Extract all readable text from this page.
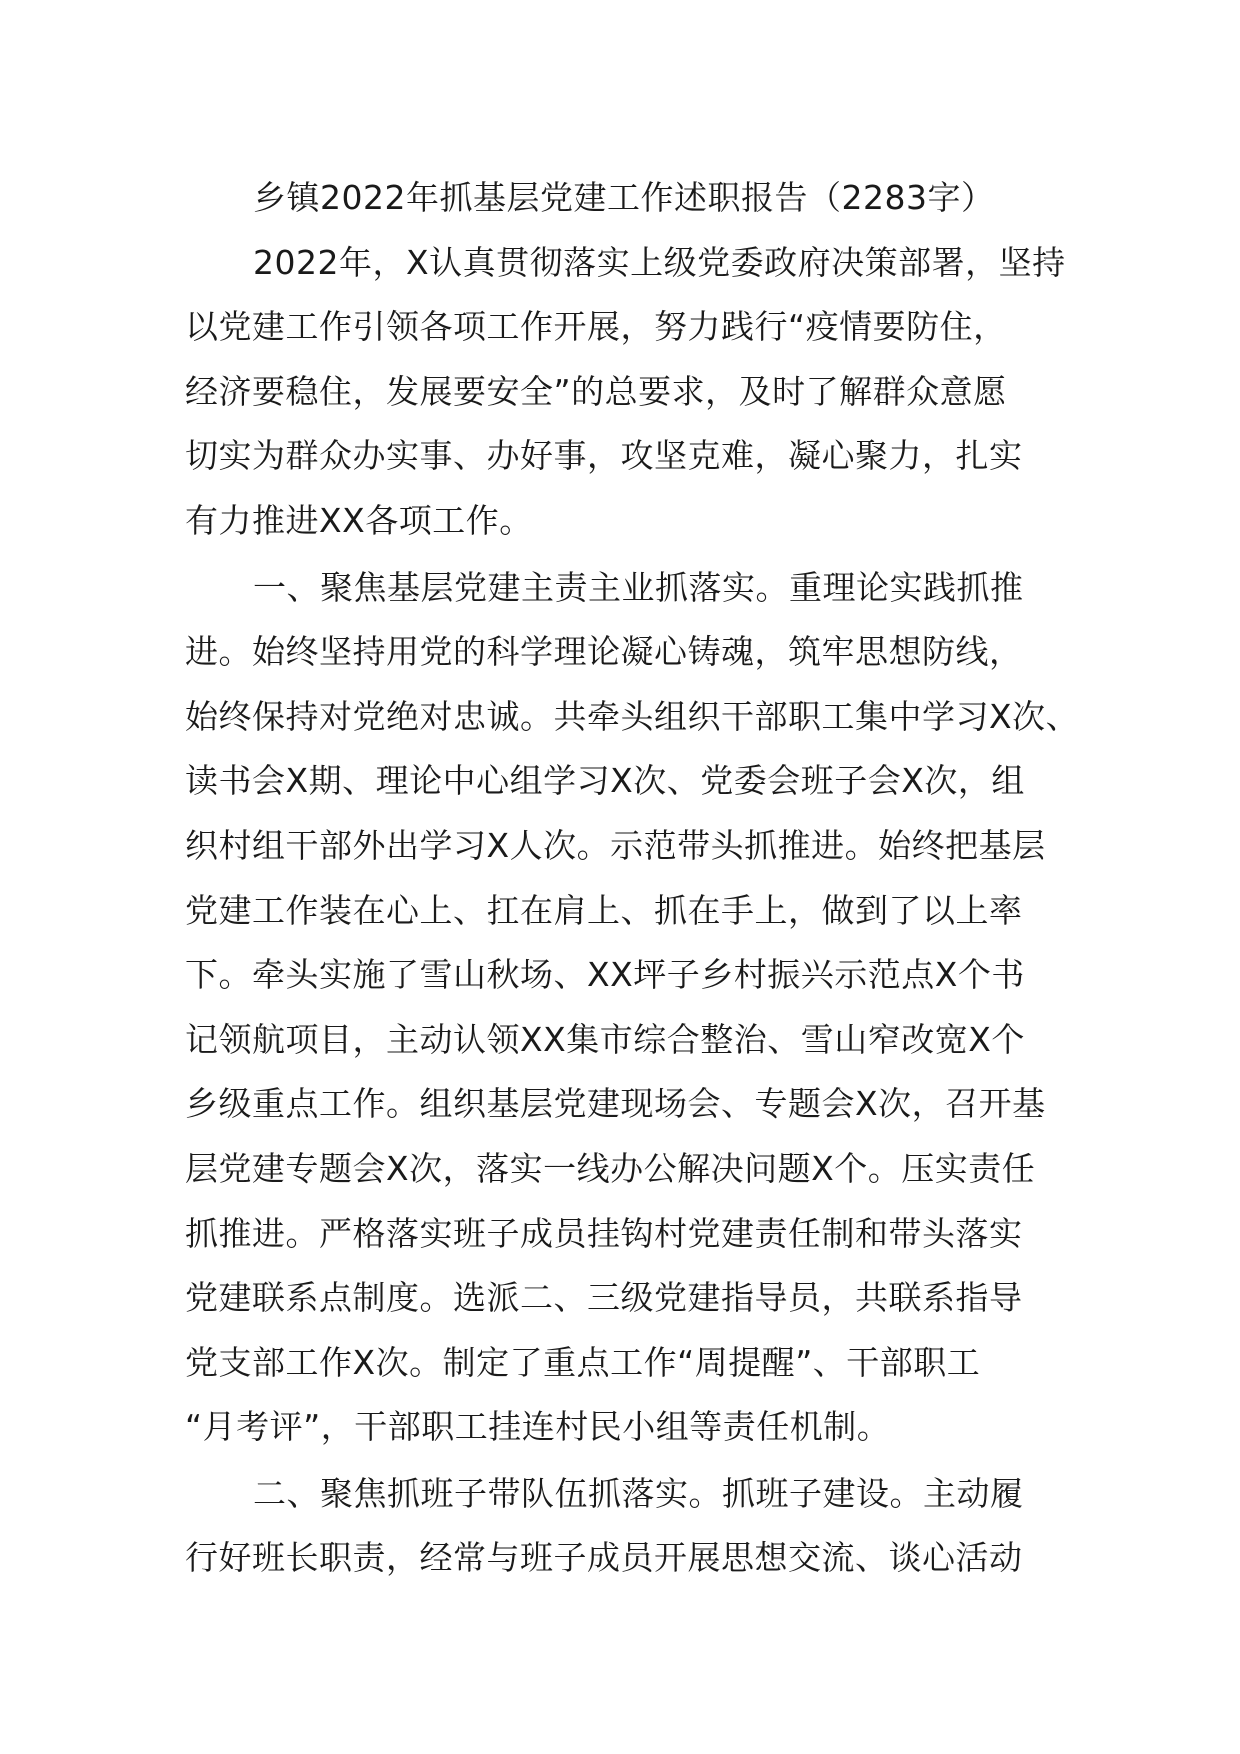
乡镇2022年抓基层党建工作述职报告（2283字）
2022年，X认真贯彻落实上级党委政府决策部署，坚持
以党建工作引领各项工作开展，努力践行“疫情要防住，
经济要稳住，发展要安全”的总要求，及时了解群众意愿
切实为群众办实事、办好事，攻坚克难，凝心聚力，扎实
有力推进XX各项工作。
一、聚焦基层党建主责主业抓落实。重理论实践抓推
进。始终坚持用党的科学理论凝心铸魂，筑牢思想防线，
始终保持对党绝对忠诚。共牵头组织干部职工集中学习X次、
读书会X期、理论中心组学习X次、党委会班子会X次，组
织村组干部外出学习X人次。示范带头抓推进。始终把基层
党建工作装在心上、扛在肩上、抓在手上，做到了以上率
下。牵头实施了雪山秋场、XX坪子乡村振兴示范点X个书
记领航项目，主动认领XX集市综合整治、雪山窄改宽X个
乡级重点工作。组织基层党建现场会、专题会X次，召开基
层党建专题会X次，落实一线办公解决问题X个。压实责任
抓推进。严格落实班子成员挂钩村党建责任制和带头落实
党建联系点制度。选派二、三级党建指导员，共联系指导
党支部工作X次。制定了重点工作“周提醒”、干部职工
“月考评”，干部职工挂连村民小组等责任机制。
二、聚焦抓班子带队伍抓落实。抓班子建设。主动履
行好班长职责，经常与班子成员开展思想交流、谈心活动
